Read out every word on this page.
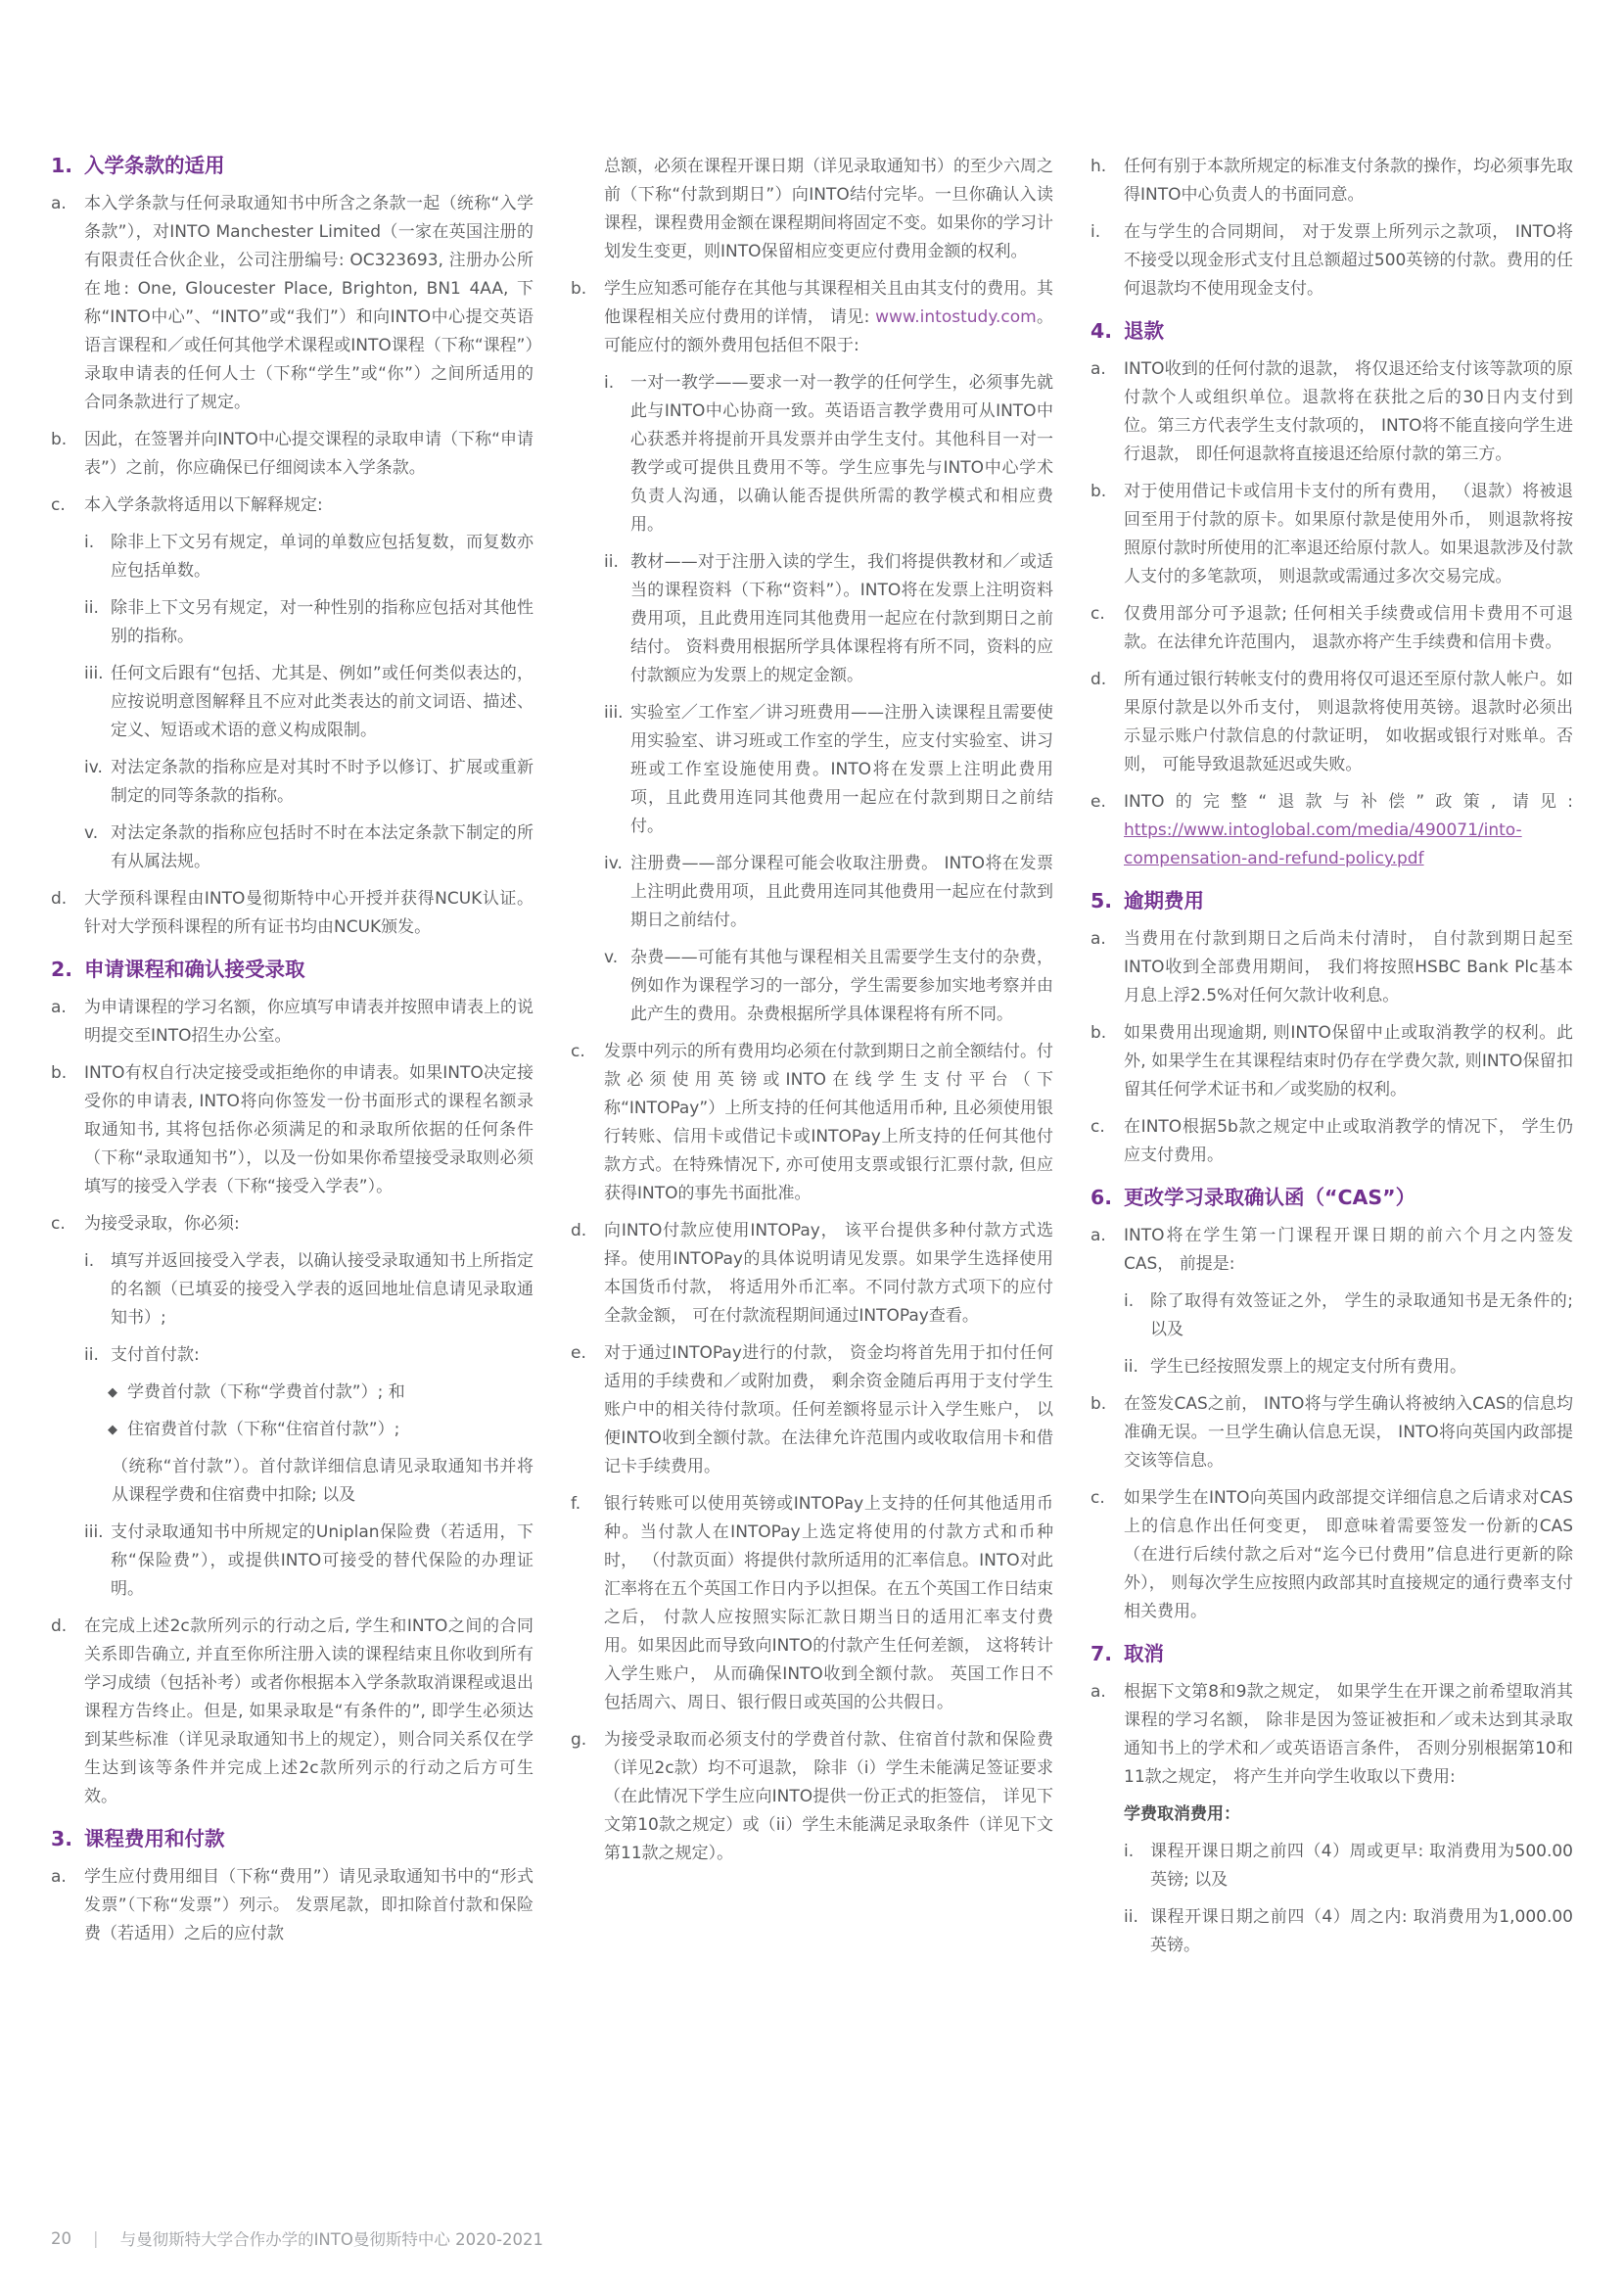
1. 入学条款的适用
a.	本入学条款与任何录取通知书中所含之条款一起（统称“入学条款”），对INTO Manchester Limited（一家在英国注册的有限责任合伙企业，公司注册编号: OC323693, 注册办公所在地: One, Gloucester Place, Brighton, BN1 4AA, 下称“INTO中心”、“INTO”或“我们”）和向INTO中心提交英语语言课程和／或任何其他学术课程或INTO课程（下称“课程”）录取申请表的任何人士（下称“学生”或“你”）之间所适用的合同条款进行了规定。
b.	因此，在签署并向INTO中心提交课程的录取申请（下称“申请表”）之前，你应确保已仔细阅读本入学条款。
c.	本入学条款将适用以下解释规定:
i. 除非上下文另有规定，单词的单数应包括复数，而复数亦应包括单数。
ii. 除非上下文另有规定，对一种性别的指称应包括对其他性别的指称。
iii. 任何文后跟有“包括、尤其是、例如”或任何类似表达的，应按说明意图解释且不应对此类表达的前文词语、描述、定义、短语或术语的意义构成限制。
iv. 对法定条款的指称应是对其时不时予以修订、扩展或重新制定的同等条款的指称。
v. 对法定条款的指称应包括时不时在本法定条款下制定的所有从属法规。
d.	大学预科课程由INTO曼彻斯特中心开授并获得NCUK认证。针对大学预科课程的所有证书均由NCUK颁发。
2. 申请课程和确认接受录取
a.	为申请课程的学习名额，你应填写申请表并按照申请表上的说明提交至INTO招生办公室。
b.	INTO有权自行决定接受或拒绝你的申请表。如果INTO决定接受你的申请表, INTO将向你签发一份书面形式的课程名额录取通知书, 其将包括你必须满足的和录取所依据的任何条件（下称“录取通知书”），以及一份如果你希望接受录取则必须填写的接受入学表（下称“接受入学表”）。
c.	为接受录取，你必须:
i. 填写并返回接受入学表，以确认接受录取通知书上所指定的名额（已填妥的接受入学表的返回地址信息请见录取通知书）;
ii. 支付首付款:
◆ 学费首付款（下称“学费首付款”）; 和
◆ 住宿费首付款（下称“住宿首付款”）;
（统称“首付款”）。首付款详细信息请见录取通知书并将从课程学费和住宿费中扣除; 以及
iii. 支付录取通知书中所规定的Uniplan保险费（若适用，下称“保险费”），或提供INTO可接受的替代保险的办理证明。
d.	在完成上述2c款所列示的行动之后, 学生和INTO之间的合同关系即告确立, 并直至你所注册入读的课程结束且你收到所有学习成绩（包括补考）或者你根据本入学条款取消课程或退出课程方告终止。但是, 如果录取是“有条件的”, 即学生必须达到某些标准（详见录取通知书上的规定），则合同关系仅在学生达到该等条件并完成上述2c款所列示的行动之后方可生效。
3. 课程费用和付款
a.	学生应付费用细目（下称“费用”）请见录取通知书中的“形式发票”（下称“发票”）列示。 发票尾款，即扣除首付款和保险费（若适用）之后的应付款
总额，必须在课程开课日期（详见录取通知书）的至少六周之前（下称“付款到期日”）向INTO结付完毕。一旦你确认入读课程，课程费用金额在课程期间将固定不变。如果你的学习计划发生变更，则INTO保留相应变更应付费用金额的权利。
b.	学生应知悉可能存在其他与其课程相关且由其支付的费用。其他课程相关应付费用的详情， 请见: www.intostudy.com。可能应付的额外费用包括但不限于:
i. 一对一教学——要求一对一教学的任何学生，必须事先就此与INTO中心协商一致。英语语言教学费用可从INTO中心获悉并将提前开具发票并由学生支付。其他科目一对一教学或可提供且费用不等。学生应事先与INTO中心学术负责人沟通，以确认能否提供所需的教学模式和相应费用。
ii. 教材——对于注册入读的学生，我们将提供教材和／或适当的课程资料（下称“资料”）。INTO将在发票上注明资料费用项，且此费用连同其他费用一起应在付款到期日之前结付。 资料费用根据所学具体课程将有所不同，资料的应付款额应为发票上的规定金额。
iii. 实验室／工作室／讲习班费用——注册入读课程且需要使用实验室、讲习班或工作室的学生，应支付实验室、讲习班或工作室设施使用费。INTO将在发票上注明此费用项，且此费用连同其他费用一起应在付款到期日之前结付。
iv. 注册费——部分课程可能会收取注册费。 INTO将在发票上注明此费用项，且此费用连同其他费用一起应在付款到期日之前结付。
v. 杂费——可能有其他与课程相关且需要学生支付的杂费，例如作为课程学习的一部分，学生需要参加实地考察并由此产生的费用。杂费根据所学具体课程将有所不同。
c.	发票中列示的所有费用均必须在付款到期日之前全额结付。付款必须使用英镑或INTO在线学生支付平台（下称“INTOPay”）上所支持的任何其他适用币种, 且必须使用银行转账、信用卡或借记卡或INTOPay上所支持的任何其他付款方式。在特殊情况下, 亦可使用支票或银行汇票付款, 但应获得INTO的事先书面批准。
d.	向INTO付款应使用INTOPay， 该平台提供多种付款方式选择。使用INTOPay的具体说明请见发票。如果学生选择使用本国货币付款， 将适用外币汇率。不同付款方式项下的应付全款金额， 可在付款流程期间通过INTOPay查看。
e.	对于通过INTOPay进行的付款， 资金均将首先用于扣付任何适用的手续费和／或附加费， 剩余资金随后再用于支付学生账户中的相关待付款项。任何差额将显示计入学生账户， 以便INTO收到全额付款。在法律允许范围内或收取信用卡和借记卡手续费用。
f.	银行转账可以使用英镑或INTOPay上支持的任何其他适用币种。当付款人在INTOPay上选定将使用的付款方式和币种时， （付款页面）将提供付款所适用的汇率信息。INTO对此汇率将在五个英国工作日内予以担保。在五个英国工作日结束之后， 付款人应按照实际汇款日期当日的适用汇率支付费用。如果因此而导致向INTO的付款产生任何差额， 这将转计入学生账户， 从而确保INTO收到全额付款。 英国工作日不包括周六、周日、银行假日或英国的公共假日。
g.	为接受录取而必须支付的学费首付款、住宿首付款和保险费（详见2c款）均不可退款， 除非（i）学生未能满足签证要求（在此情况下学生应向INTO提供一份正式的拒签信， 详见下文第10款之规定）或（ii）学生未能满足录取条件（详见下文第11款之规定）。
h.	任何有别于本款所规定的标准支付条款的操作，均必须事先取得INTO中心负责人的书面同意。
i.	在与学生的合同期间， 对于发票上所列示之款项， INTO将不接受以现金形式支付且总额超过500英镑的付款。费用的任何退款均不使用现金支付。
4. 退款
a.	INTO收到的任何付款的退款， 将仅退还给支付该等款项的原付款个人或组织单位。退款将在获批之后的30日内支付到位。第三方代表学生支付款项的， INTO将不能直接向学生进行退款， 即任何退款将直接退还给原付款的第三方。
b.	对于使用借记卡或信用卡支付的所有费用， （退款）将被退回至用于付款的原卡。如果原付款是使用外币， 则退款将按照原付款时所使用的汇率退还给原付款人。如果退款涉及付款人支付的多笔款项， 则退款或需通过多次交易完成。
c.	仅费用部分可予退款; 任何相关手续费或信用卡费用不可退款。在法律允许范围内， 退款亦将产生手续费和信用卡费。
d.	所有通过银行转帐支付的费用将仅可退还至原付款人帐户。如果原付款是以外币支付， 则退款将使用英镑。退款时必须出示显示账户付款信息的付款证明， 如收据或银行对账单。否则， 可能导致退款延迟或失败。
e.	INTO的完整“退款与补偿”政策, 请见: https://www.intoglobal.com/media/490071/into-compensation-and-refund-policy.pdf
5. 逾期费用
a.	当费用在付款到期日之后尚未付清时， 自付款到期日起至INTO收到全部费用期间， 我们将按照HSBC Bank Plc基本月息上浮2.5%对任何欠款计收利息。
b.	如果费用出现逾期, 则INTO保留中止或取消教学的权利。此外, 如果学生在其课程结束时仍存在学费欠款, 则INTO保留扣留其任何学术证书和／或奖励的权利。
c.	在INTO根据5b款之规定中止或取消教学的情况下， 学生仍应支付费用。
6. 更改学习录取确认函（“CAS”）
a.	INTO将在学生第一门课程开课日期的前六个月之内签发CAS， 前提是:
i. 除了取得有效签证之外， 学生的录取通知书是无条件的; 以及
ii. 学生已经按照发票上的规定支付所有费用。
b.	在签发CAS之前， INTO将与学生确认将被纳入CAS的信息均准确无误。一旦学生确认信息无误， INTO将向英国内政部提交该等信息。
c.	如果学生在INTO向英国内政部提交详细信息之后请求对CAS上的信息作出任何变更， 即意味着需要签发一份新的CAS（在进行后续付款之后对“迄今已付费用”信息进行更新的除外）， 则每次学生应按照内政部其时直接规定的通行费率支付相关费用。
7. 取消
a.	根据下文第8和9款之规定， 如果学生在开课之前希望取消其课程的学习名额， 除非是因为签证被拒和／或未达到其录取通知书上的学术和／或英语语言条件， 否则分别根据第10和11款之规定， 将产生并向学生收取以下费用:
学费取消费用：
i. 课程开课日期之前四（4）周或更早: 取消费用为500.00英镑; 以及
ii. 课程开课日期之前四（4）周之内: 取消费用为1,000.00英镑。
20 | 与曼彻斯特大学合作办学的INTO曼彻斯特中心 2020-2021
